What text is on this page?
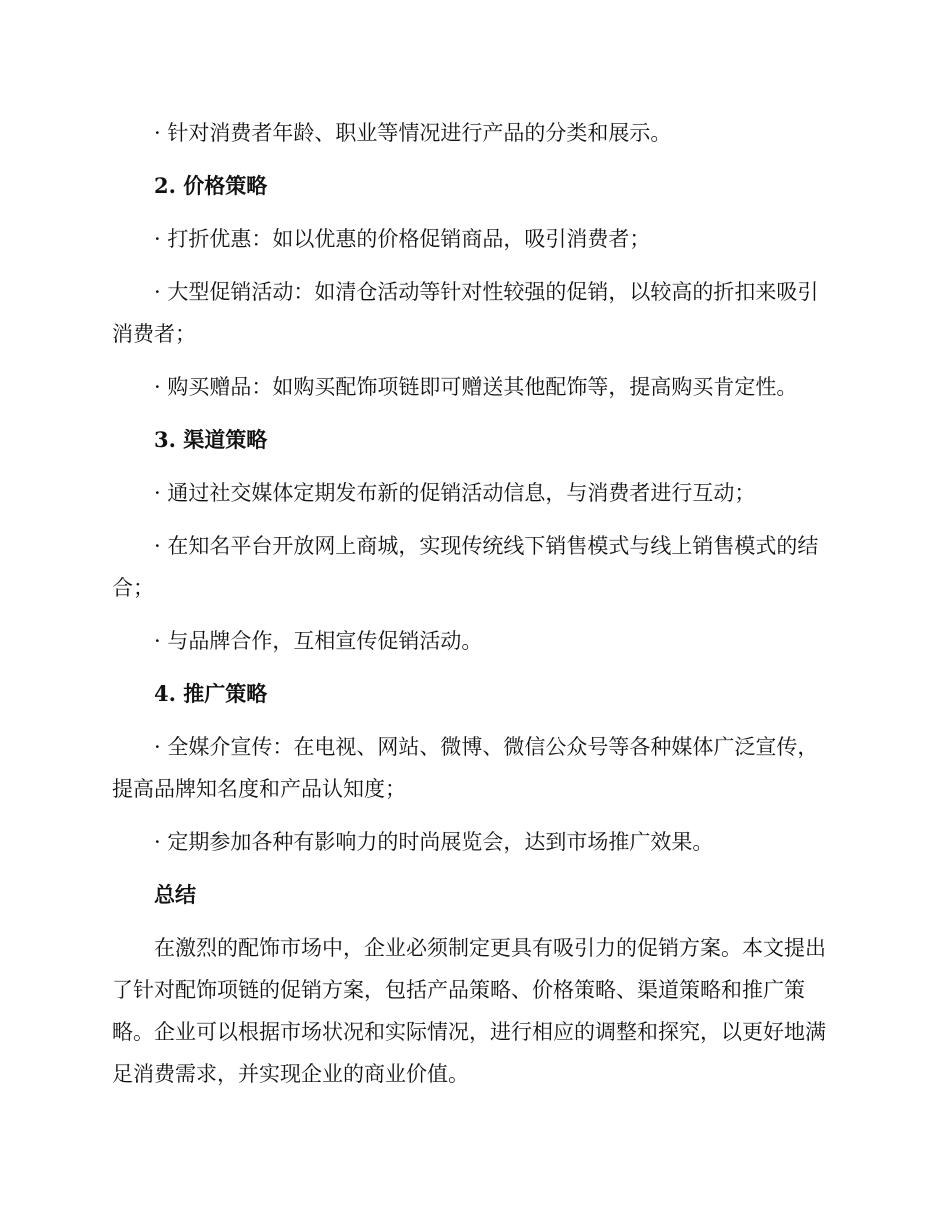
· 针对消费者年龄、职业等情况进行产品的分类和展示。

2. 价格策略

· 打折优惠：如以优惠的价格促销商品，吸引消费者；

· 大型促销活动：如清仓活动等针对性较强的促销，以较高的折扣来吸引消费者；

· 购买赠品：如购买配饰项链即可赠送其他配饰等，提高购买肯定性。

3. 渠道策略

· 通过社交媒体定期发布新的促销活动信息，与消费者进行互动；

· 在知名平台开放网上商城，实现传统线下销售模式与线上销售模式的结合；

· 与品牌合作，互相宣传促销活动。

4. 推广策略

· 全媒介宣传：在电视、网站、微博、微信公众号等各种媒体广泛宣传，提高品牌知名度和产品认知度；

· 定期参加各种有影响力的时尚展览会，达到市场推广效果。

总结

在激烈的配饰市场中，企业必须制定更具有吸引力的促销方案。本文提出了针对配饰项链的促销方案，包括产品策略、价格策略、渠道策略和推广策略。企业可以根据市场状况和实际情况，进行相应的调整和探究，以更好地满足消费需求，并实现企业的商业价值。
